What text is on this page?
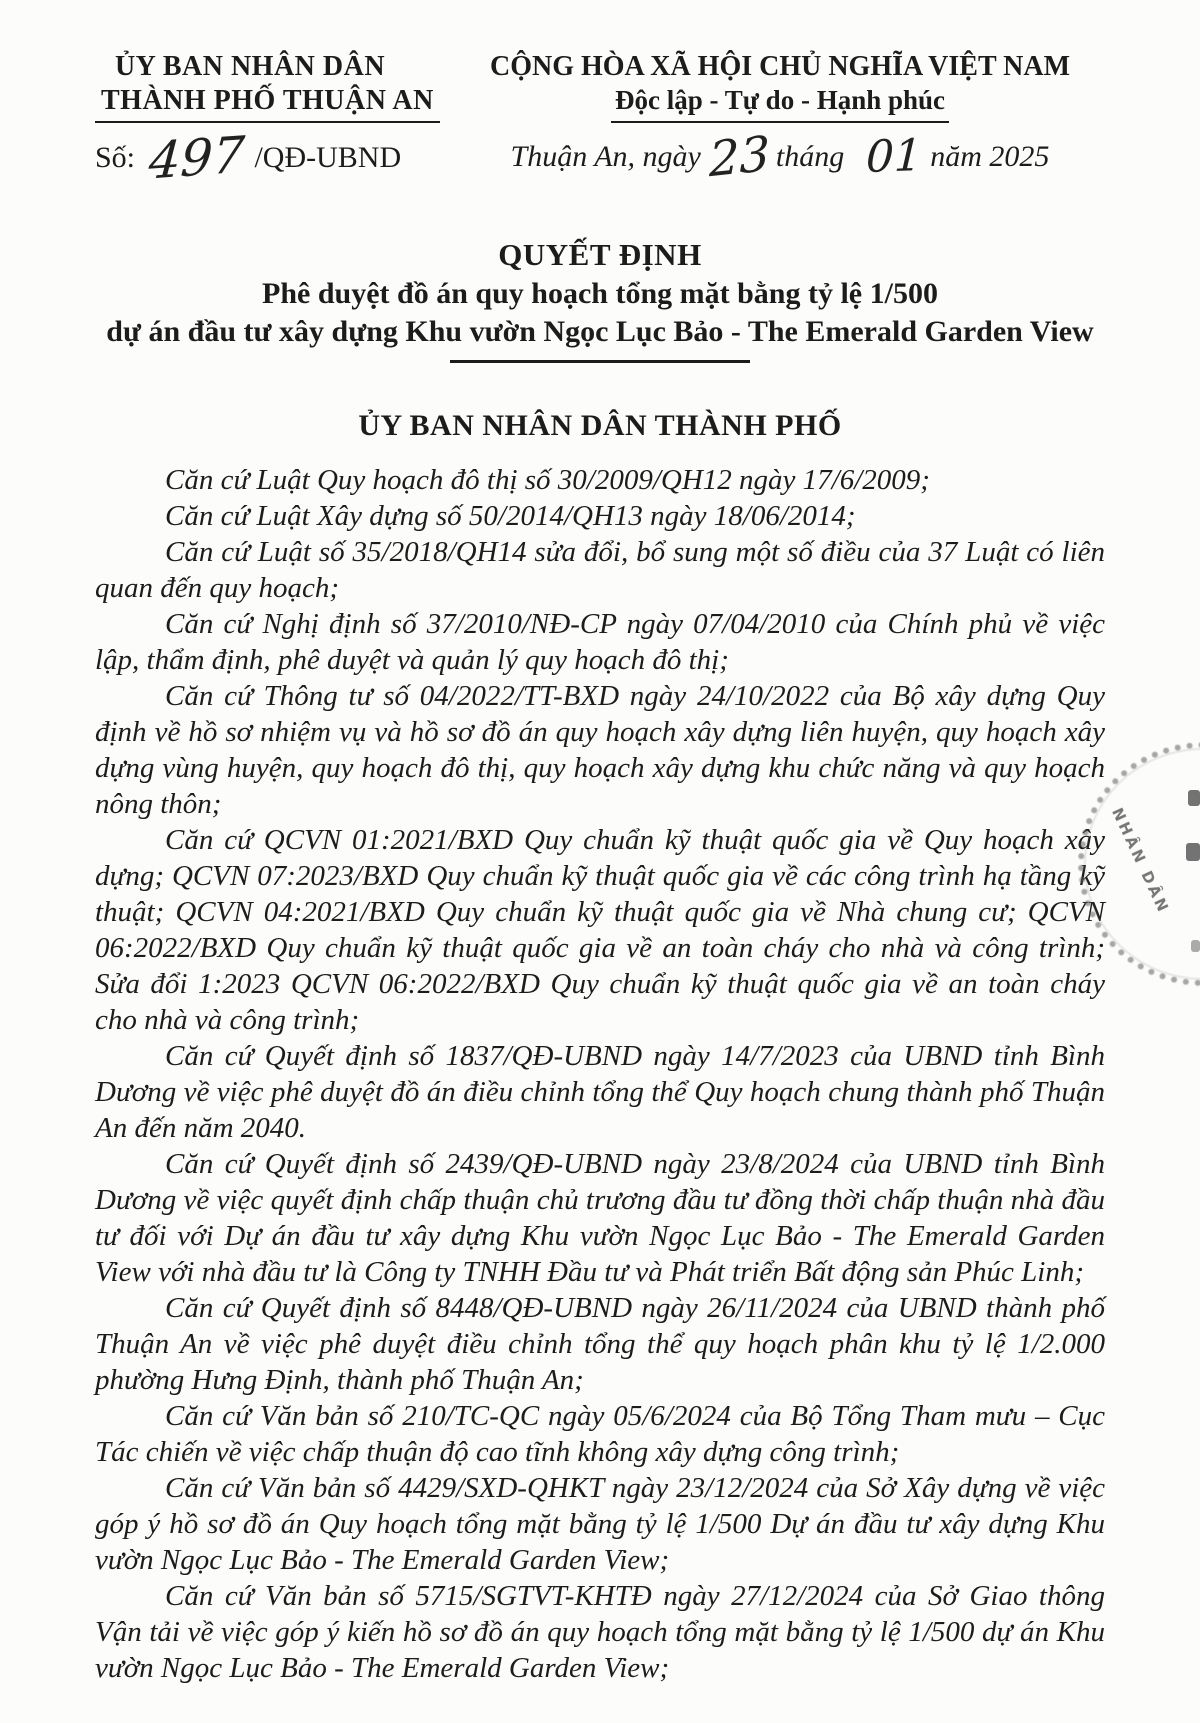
ỦY BAN NHÂN DÂN
THÀNH PHỐ THUẬN AN
Số: 497 /QĐ-UBND
CỘNG HÒA XÃ HỘI CHỦ NGHĨA VIỆT NAM
Độc lập - Tự do - Hạnh phúc
Thuận An, ngày 23 tháng 01 năm 2025
QUYẾT ĐỊNH
Phê duyệt đồ án quy hoạch tổng mặt bằng tỷ lệ 1/500
dự án đầu tư xây dựng Khu vườn Ngọc Lục Bảo - The Emerald Garden View
ỦY BAN NHÂN DÂN THÀNH PHỐ

Căn cứ Luật Quy hoạch đô thị số 30/2009/QH12 ngày 17/6/2009;

Căn cứ Luật Xây dựng số 50/2014/QH13 ngày 18/06/2014;

Căn cứ Luật số 35/2018/QH14 sửa đổi, bổ sung một số điều của 37 Luật có liên quan đến quy hoạch;

Căn cứ Nghị định số 37/2010/NĐ-CP ngày 07/04/2010 của Chính phủ về việc lập, thẩm định, phê duyệt và quản lý quy hoạch đô thị;

Căn cứ Thông tư số 04/2022/TT-BXD ngày 24/10/2022 của Bộ xây dựng Quy định về hồ sơ nhiệm vụ và hồ sơ đồ án quy hoạch xây dựng liên huyện, quy hoạch xây dựng vùng huyện, quy hoạch đô thị, quy hoạch xây dựng khu chức năng và quy hoạch nông thôn;

Căn cứ QCVN 01:2021/BXD Quy chuẩn kỹ thuật quốc gia về Quy hoạch xây dựng; QCVN 07:2023/BXD Quy chuẩn kỹ thuật quốc gia về các công trình hạ tầng kỹ thuật; QCVN 04:2021/BXD Quy chuẩn kỹ thuật quốc gia về Nhà chung cư; QCVN 06:2022/BXD Quy chuẩn kỹ thuật quốc gia về an toàn cháy cho nhà và công trình; Sửa đổi 1:2023 QCVN 06:2022/BXD Quy chuẩn kỹ thuật quốc gia về an toàn cháy cho nhà và công trình;

Căn cứ Quyết định số 1837/QĐ-UBND ngày 14/7/2023 của UBND tỉnh Bình Dương về việc phê duyệt đồ án điều chỉnh tổng thể Quy hoạch chung thành phố Thuận An đến năm 2040.

Căn cứ Quyết định số 2439/QĐ-UBND ngày 23/8/2024 của UBND tỉnh Bình Dương về việc quyết định chấp thuận chủ trương đầu tư đồng thời chấp thuận nhà đầu tư đối với Dự án đầu tư xây dựng Khu vườn Ngọc Lục Bảo - The Emerald Garden View với nhà đầu tư là Công ty TNHH Đầu tư và Phát triển Bất động sản Phúc Linh;

Căn cứ Quyết định số 8448/QĐ-UBND ngày 26/11/2024 của UBND thành phố Thuận An về việc phê duyệt điều chỉnh tổng thể quy hoạch phân khu tỷ lệ 1/2.000 phường Hưng Định, thành phố Thuận An;

Căn cứ Văn bản số 210/TC-QC ngày 05/6/2024 của Bộ Tổng Tham mưu – Cục Tác chiến về việc chấp thuận độ cao tĩnh không xây dựng công trình;

Căn cứ Văn bản số 4429/SXD-QHKT ngày 23/12/2024 của Sở Xây dựng về việc góp ý hồ sơ đồ án Quy hoạch tổng mặt bằng tỷ lệ 1/500 Dự án đầu tư xây dựng Khu vườn Ngọc Lục Bảo - The Emerald Garden View;

Căn cứ Văn bản số 5715/SGTVT-KHTĐ ngày 27/12/2024 của Sở Giao thông Vận tải về việc góp ý kiến hồ sơ đồ án quy hoạch tổng mặt bằng tỷ lệ 1/500 dự án Khu vườn Ngọc Lục Bảo - The Emerald Garden View;

NHÂN DÂN
